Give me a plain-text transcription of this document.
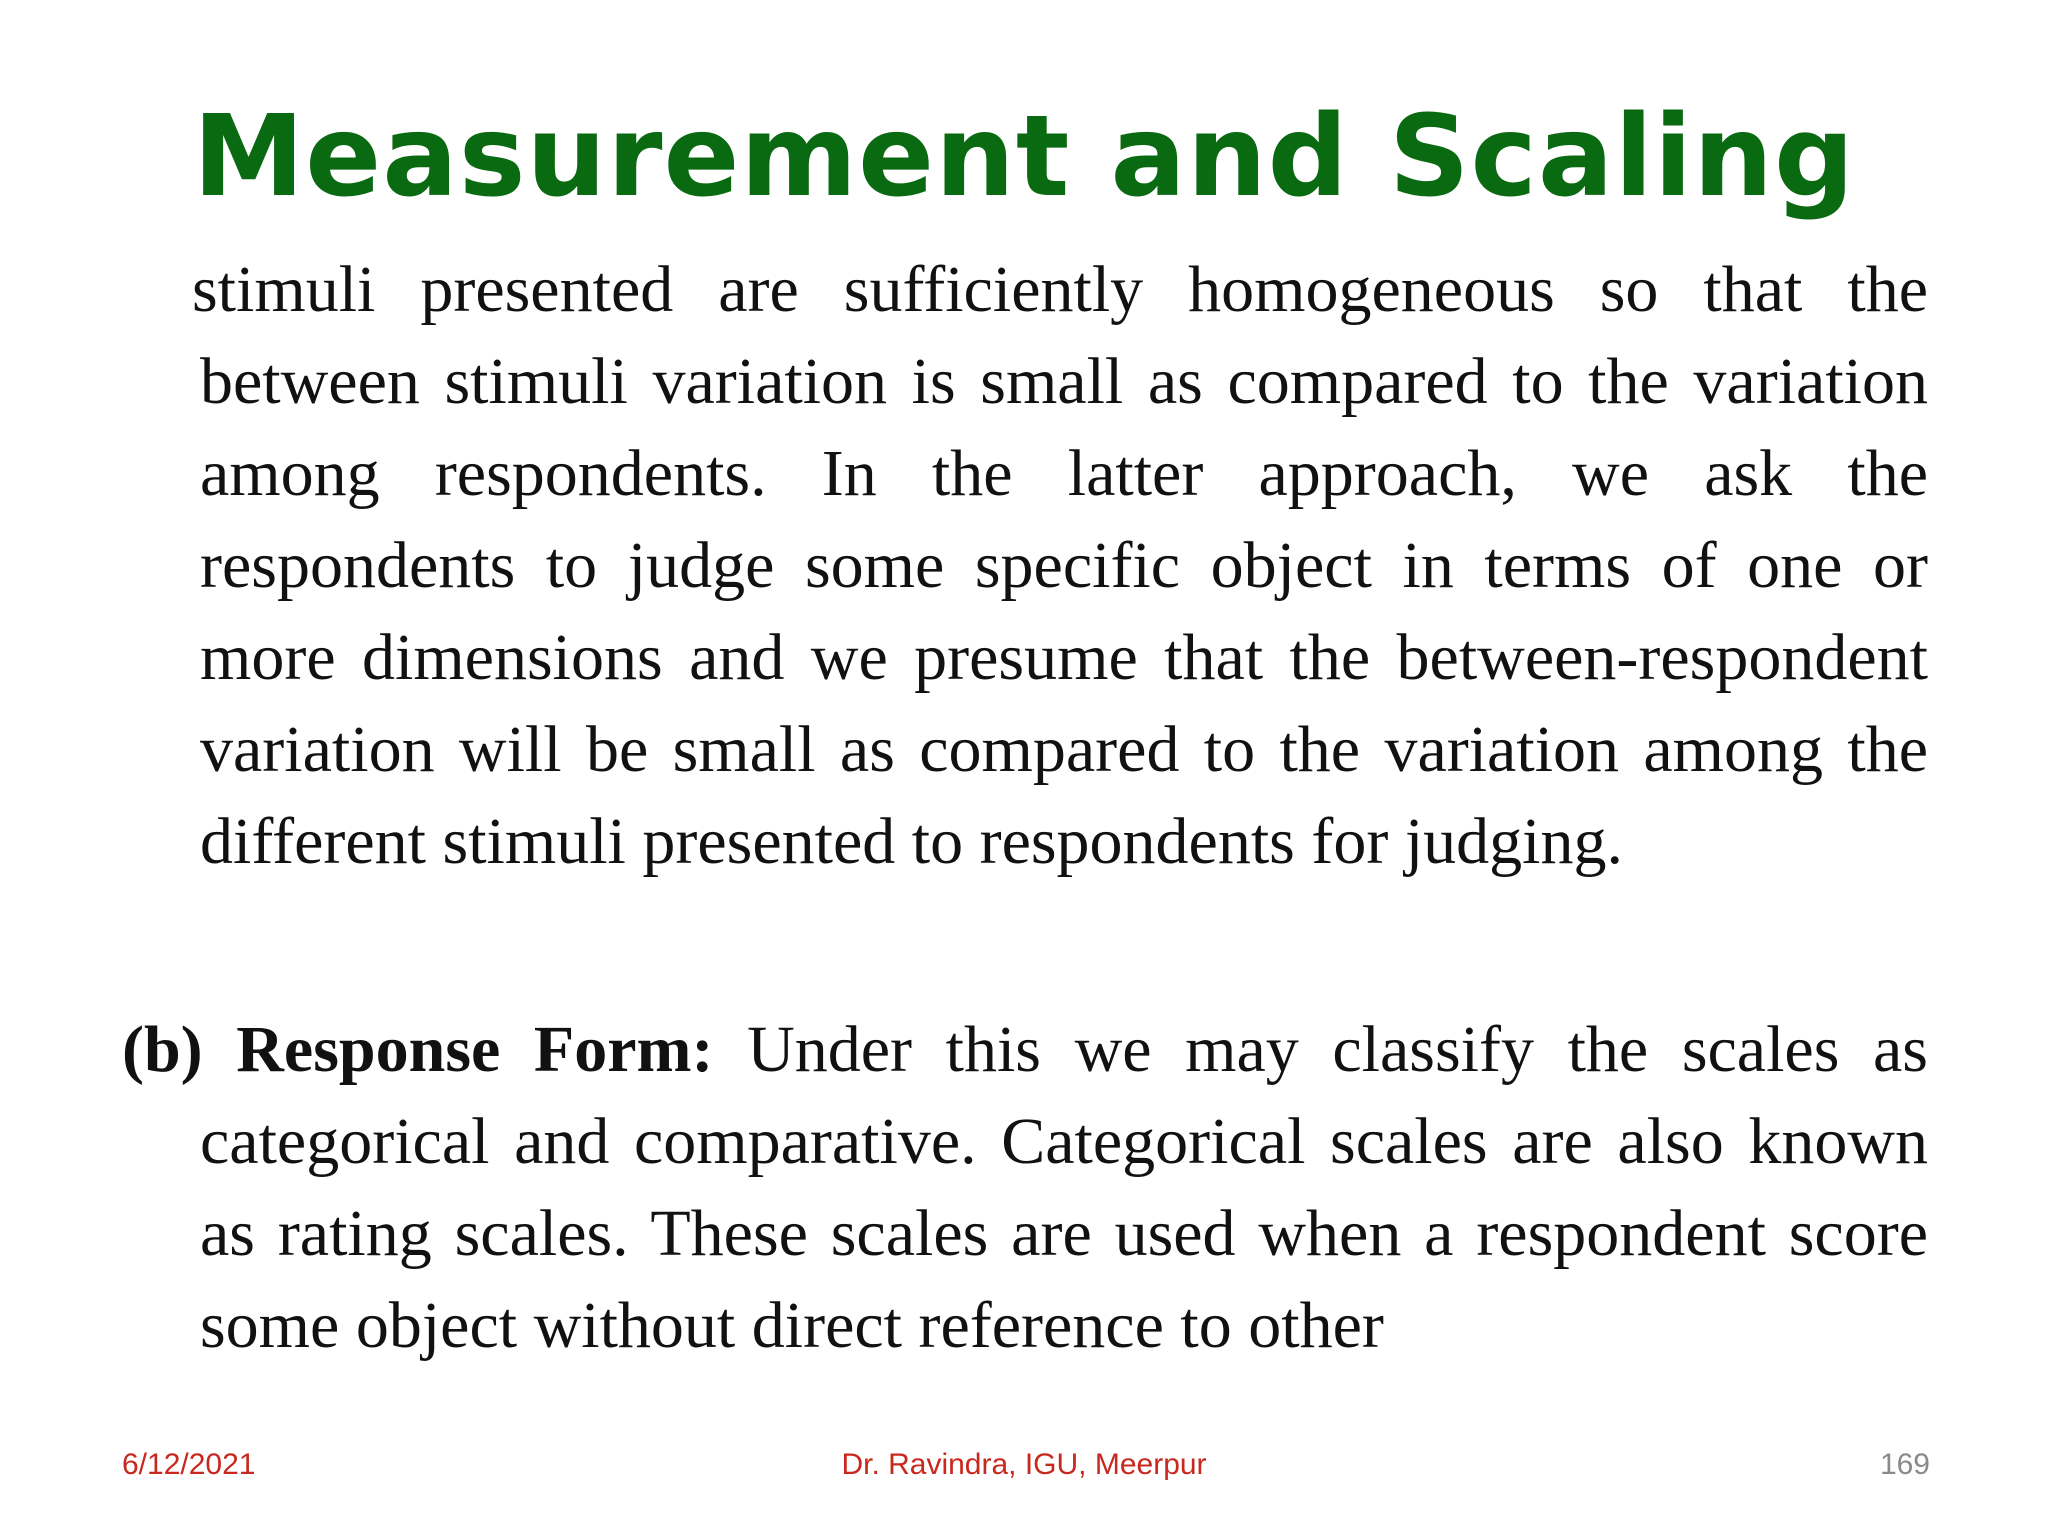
Measurement and Scaling

stimuli presented are sufficiently homogeneous so that the between stimuli variation is small as compared to the variation among respondents. In the latter approach, we ask the respondents to judge some specific object in terms of one or more dimensions and we presume that the between-respondent variation will be small as compared to the variation among the different stimuli presented to respondents for judging.

(b) Response Form: Under this we may classify the scales as categorical and comparative. Categorical scales are also known as rating scales. These scales are used when a respondent score some object without direct reference to other

6/12/2021	Dr. Ravindra, IGU, Meerpur	169
